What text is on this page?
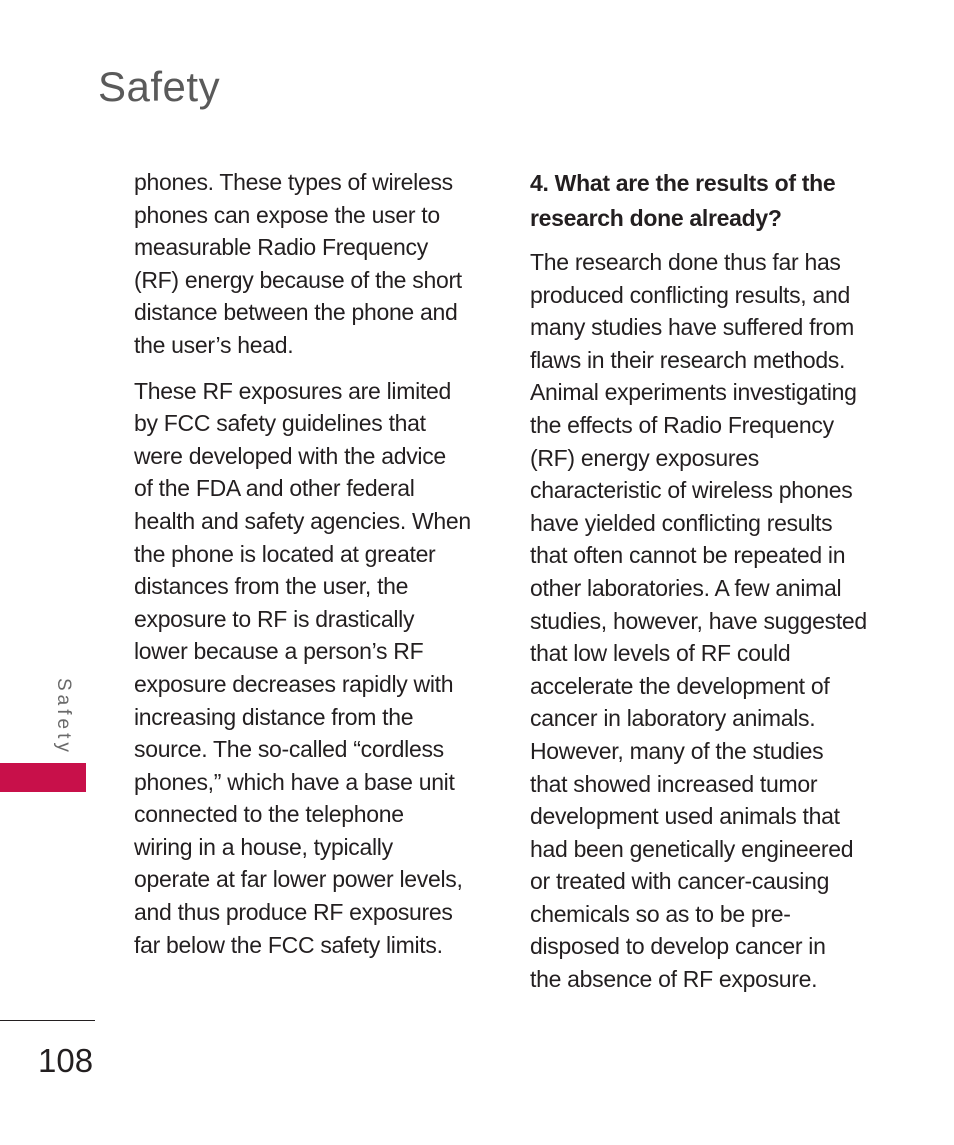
Safety
phones. These types of wireless
phones can expose the user to
measurable Radio Frequency
(RF) energy because of the short
distance between the phone and
the user’s head.
These RF exposures are limited
by FCC safety guidelines that
were developed with the advice
of the FDA and other federal
health and safety agencies. When
the phone is located at greater
distances from the user, the
exposure to RF is drastically
lower because a person’s RF
exposure decreases rapidly with
increasing distance from the
source. The so-called “cordless
phones,” which have a base unit
connected to the telephone
wiring in a house, typically
operate at far lower power levels,
and thus produce RF exposures
far below the FCC safety limits.
4. What are the results of the
research done already?
The research done thus far has
produced conflicting results, and
many studies have suffered from
flaws in their research methods.
Animal experiments investigating
the effects of Radio Frequency
(RF) energy exposures
characteristic of wireless phones
have yielded conflicting results
that often cannot be repeated in
other laboratories. A few animal
studies, however, have suggested
that low levels of RF could
accelerate the development of
cancer in laboratory animals.
However, many of the studies
that showed increased tumor
development used animals that
had been genetically engineered
or treated with cancer-causing
chemicals so as to be pre-
disposed to develop cancer in
the absence of RF exposure.
Safety
108
